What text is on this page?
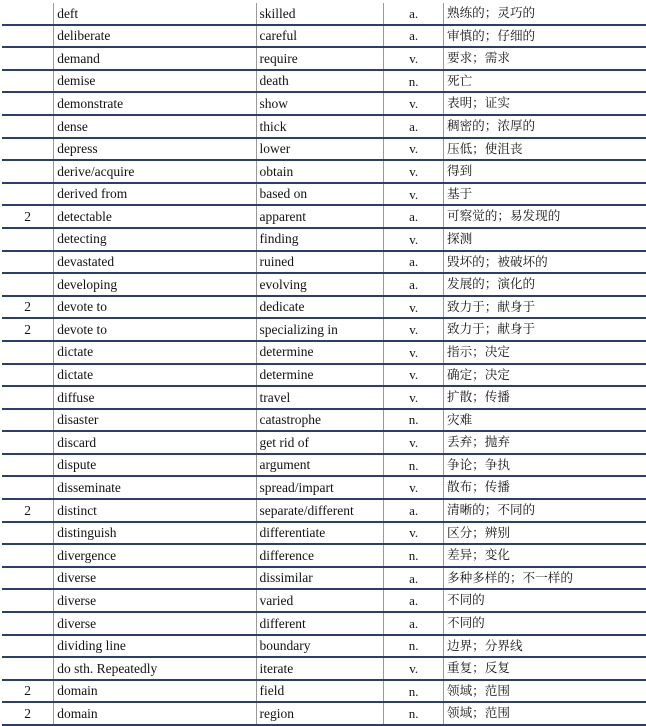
	deft	skilled	a.	熟练的；灵巧的
	deliberate	careful	a.	审慎的；仔细的
	demand	require	v.	要求；需求
	demise	death	n.	死亡
	demonstrate	show	v.	表明；证实
	dense	thick	a.	稠密的；浓厚的
	depress	lower	v.	压低；使沮丧
	derive/acquire	obtain	v.	得到
	derived from	based on	v.	基于
2	detectable	apparent	a.	可察觉的；易发现的
	detecting	finding	v.	探测
	devastated	ruined	a.	毁坏的；被破坏的
	developing	evolving	a.	发展的；演化的
2	devote to	dedicate	v.	致力于；献身于
2	devote to	specializing in	v.	致力于；献身于
	dictate	determine	v.	指示；决定
	dictate	determine	v.	确定；决定
	diffuse	travel	v.	扩散；传播
	disaster	catastrophe	n.	灾难
	discard	get rid of	v.	丢弃；抛弃
	dispute	argument	n.	争论；争执
	disseminate	spread/impart	v.	散布；传播
2	distinct	separate/different	a.	清晰的；不同的
	distinguish	differentiate	v.	区分；辨别
	divergence	difference	n.	差异；变化
	diverse	dissimilar	a.	多种多样的；不一样的
	diverse	varied	a.	不同的
	diverse	different	a.	不同的
	dividing line	boundary	n.	边界；分界线
	do sth. Repeatedly	iterate	v.	重复；反复
2	domain	field	n.	领域；范围
2	domain	region	n.	领域；范围
